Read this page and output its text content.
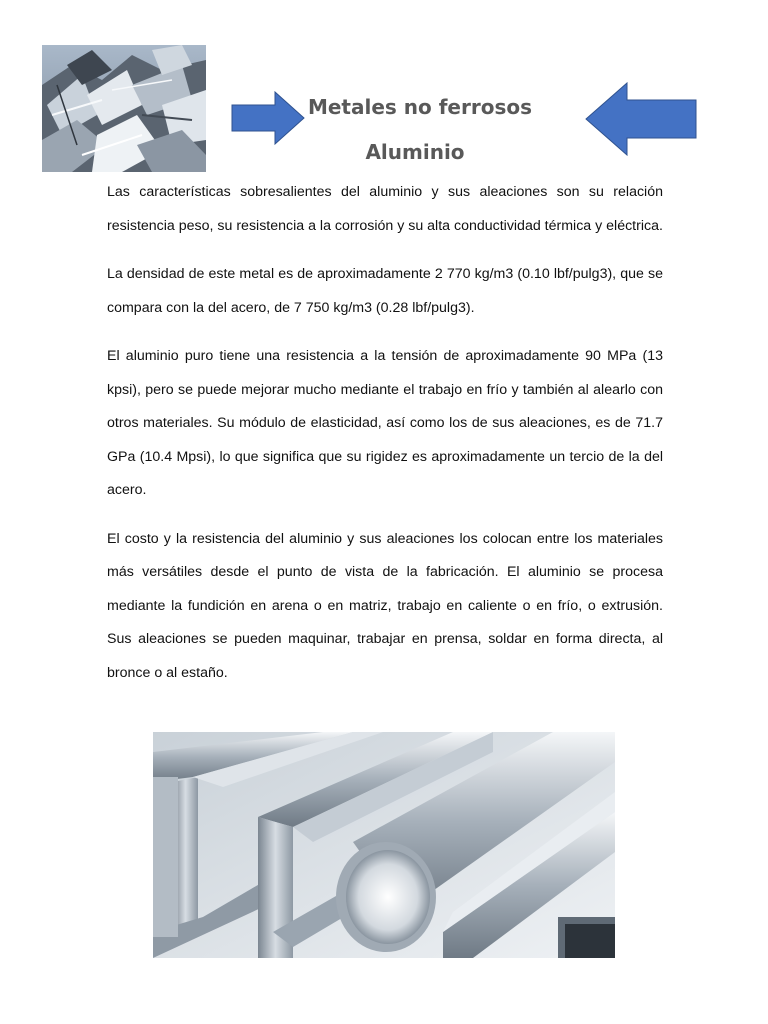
Metales no ferrosos
Aluminio

Las características sobresalientes del aluminio y sus aleaciones son su relación resistencia peso, su resistencia a la corrosión y su alta conductividad térmica y eléctrica.

La densidad de este metal es de aproximadamente 2 770 kg/m3 (0.10 lbf/pulg3), que se compara con la del acero, de 7 750 kg/m3 (0.28 lbf/pulg3).

El aluminio puro tiene una resistencia a la tensión de aproximadamente 90 MPa (13 kpsi), pero se puede mejorar mucho mediante el trabajo en frío y también al alearlo con otros materiales. Su módulo de elasticidad, así como los de sus aleaciones, es de 71.7 GPa (10.4 Mpsi), lo que significa que su rigidez es aproximadamente un tercio de la del acero.

El costo y la resistencia del aluminio y sus aleaciones los colocan entre los materiales más versátiles desde el punto de vista de la fabricación. El aluminio se procesa mediante la fundición en arena o en matriz, trabajo en caliente o en frío, o extrusión. Sus aleaciones se pueden maquinar, trabajar en prensa, soldar en forma directa, al bronce o al estaño.
